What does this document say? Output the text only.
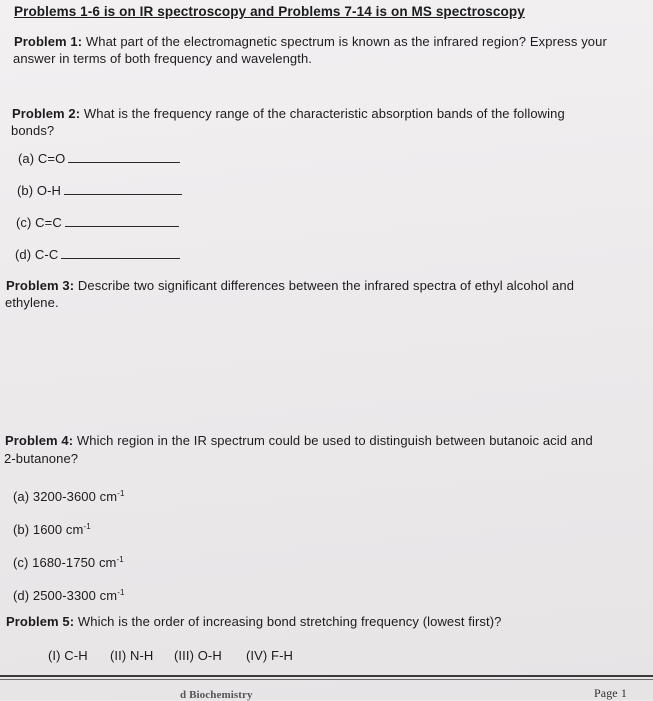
Problems 1-6 is on IR spectroscopy and Problems 7-14 is on MS spectroscopy
Problem 1: What part of the electromagnetic spectrum is known as the infrared region? Express your
answer in terms of both frequency and wavelength.
Problem 2: What is the frequency range of the characteristic absorption bands of the following
bonds?
(a) C=O
(b) O-H
(c) C=C
(d) C-C
Problem 3: Describe two significant differences between the infrared spectra of ethyl alcohol and
ethylene.
Problem 4: Which region in the IR spectrum could be used to distinguish between butanoic acid and
2-butanone?
(a) 3200-3600 $cm^{-1}$
(b) 1600 $cm^{-1}$
(c) 1680-1750 $cm^{-1}$
(d) 2500-3300 $cm^{-1}$
Problem 5: Which is the order of increasing bond stretching frequency (lowest first)?
(I) C-H (II) N-H (III) O-H (IV) F-H
d Biochemistry	Page 1
